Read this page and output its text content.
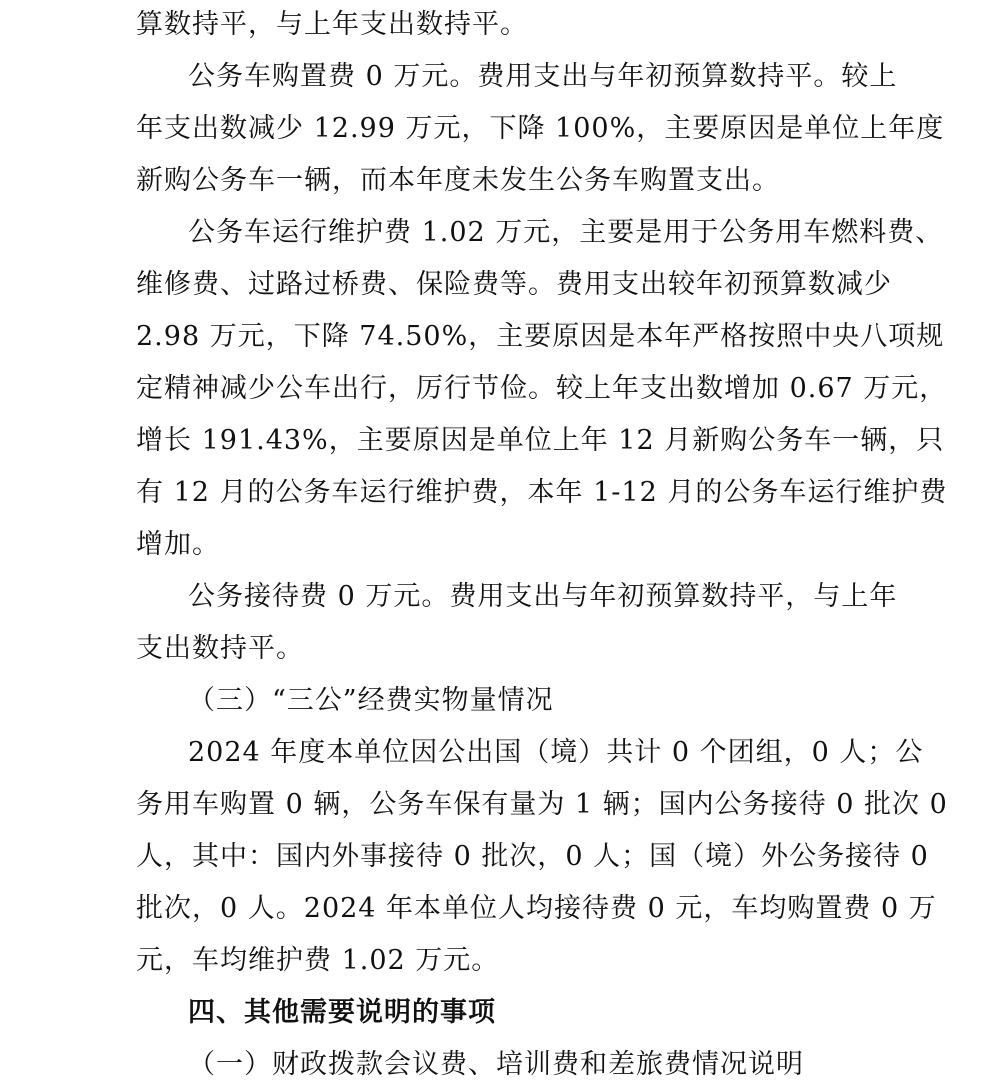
算数持平，与上年支出数持平。
公务车购置费 0 万元。费用支出与年初预算数持平。较上
年支出数减少 12.99 万元，下降 100%，主要原因是单位上年度
新购公务车一辆，而本年度未发生公务车购置支出。
公务车运行维护费 1.02 万元，主要是用于公务用车燃料费、
维修费、过路过桥费、保险费等。费用支出较年初预算数减少
2.98 万元，下降 74.50%，主要原因是本年严格按照中央八项规
定精神减少公车出行，厉行节俭。较上年支出数增加 0.67 万元，
增长 191.43%，主要原因是单位上年 12 月新购公务车一辆，只
有 12 月的公务车运行维护费，本年 1-12 月的公务车运行维护费
增加。
公务接待费 0 万元。费用支出与年初预算数持平，与上年
支出数持平。
（三）“三公”经费实物量情况
2024 年度本单位因公出国（境）共计 0 个团组，0 人；公
务用车购置 0 辆，公务车保有量为 1 辆；国内公务接待 0 批次 0
人，其中：国内外事接待 0 批次，0 人；国（境）外公务接待 0
批次，0 人。2024 年本单位人均接待费 0 元，车均购置费 0 万
元，车均维护费 1.02 万元。
四、其他需要说明的事项
（一）财政拨款会议费、培训费和差旅费情况说明
